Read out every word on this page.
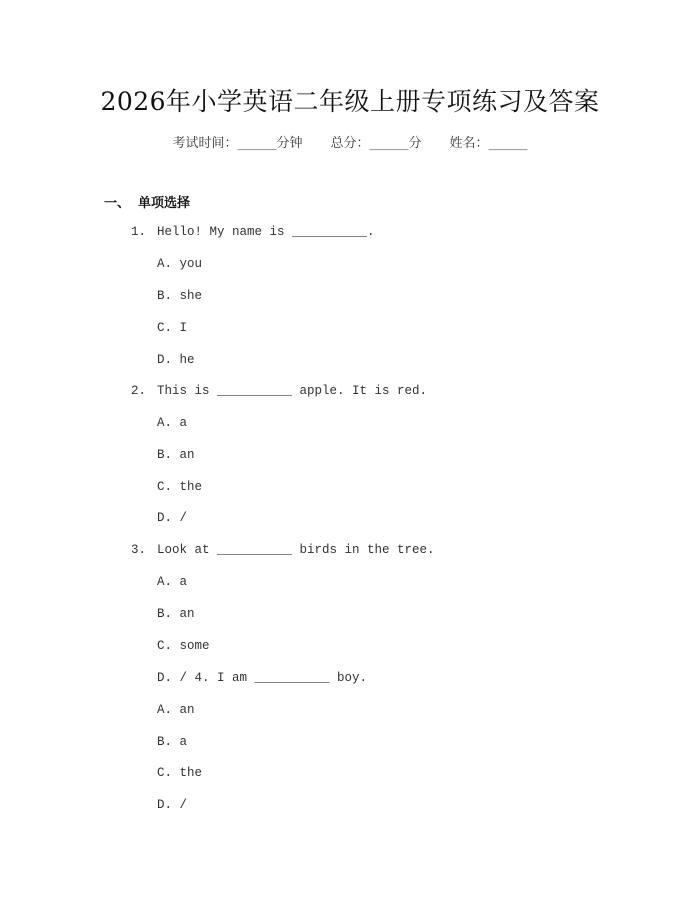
2026年小学英语二年级上册专项练习及答案
考试时间：______分钟 总分：______分 姓名：______
一、 单项选择
1. Hello! My name is __________.
A. you
B. she
C. I
D. he
2. This is __________ apple. It is red.
A. a
B. an
C. the
D. /
3. Look at __________ birds in the tree.
A. a
B. an
C. some
D. / 4. I am __________ boy.
A. an
B. a
C. the
D. /
